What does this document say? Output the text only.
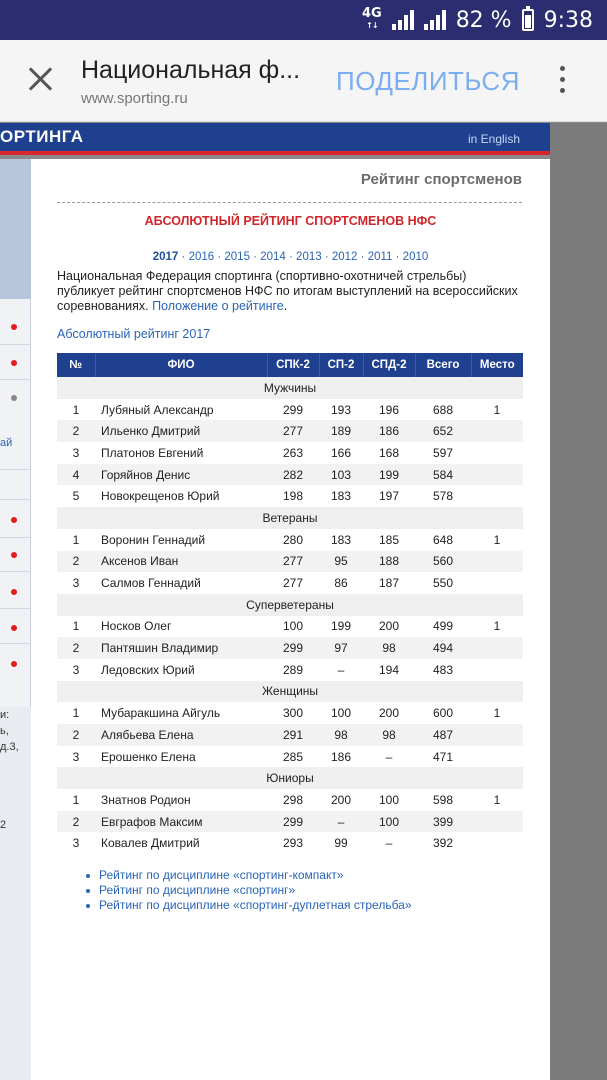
4G
↑↓	82 % 9:38
Национальная ф...
www.sporting.ru
ПОДЕЛИТЬСЯ
ОРТИНГА	in English
ай
и:
ь,
д.3,
2
Рейтинг спортсменов
АБСОЛЮТНЫЙ РЕЙТИНГ СПОРТСМЕНОВ НФС
2017 · 2016 · 2015 · 2014 · 2013 · 2012 · 2011 · 2010
Национальная Федерация спортинга (спортивно-охотничей стрельбы) публикует рейтинг спортсменов НФС по итогам выступлений на всероссийских соревнованиях. Положение о рейтинге.
Абсолютный рейтинг 2017
№	ФИО	СПК-2	СП-2	СПД-2	Всего	Место
Мужчины						
1	Лубяный Александр	299	193	196	688	1
2	Ильенко Дмитрий	277	189	186	652	
3	Платонов Евгений	263	166	168	597	
4	Горяйнов Денис	282	103	199	584	
5	Новокрещенов Юрий	198	183	197	578	
Ветераны						
1	Воронин Геннадий	280	183	185	648	1
2	Аксенов Иван	277	95	188	560	
3	Салмов Геннадий	277	86	187	550	
Суперветераны						
1	Носков Олег	100	199	200	499	1
2	Пантяшин Владимир	299	97	98	494	
3	Ледовских Юрий	289	–	194	483	
Женщины						
1	Мубаракшина Айгуль	300	100	200	600	1
2	Алябьева Елена	291	98	98	487	
3	Ерошенко Елена	285	186	–	471	
Юниоры						
1	Знатнов Родион	298	200	100	598	1
2	Евграфов Максим	299	–	100	399	
3	Ковалев Дмитрий	293	99	–	392	
Рейтинг по дисциплине «спортинг-компакт»
Рейтинг по дисциплине «спортинг»
Рейтинг по дисциплине «спортинг-дуплетная стрельба»
